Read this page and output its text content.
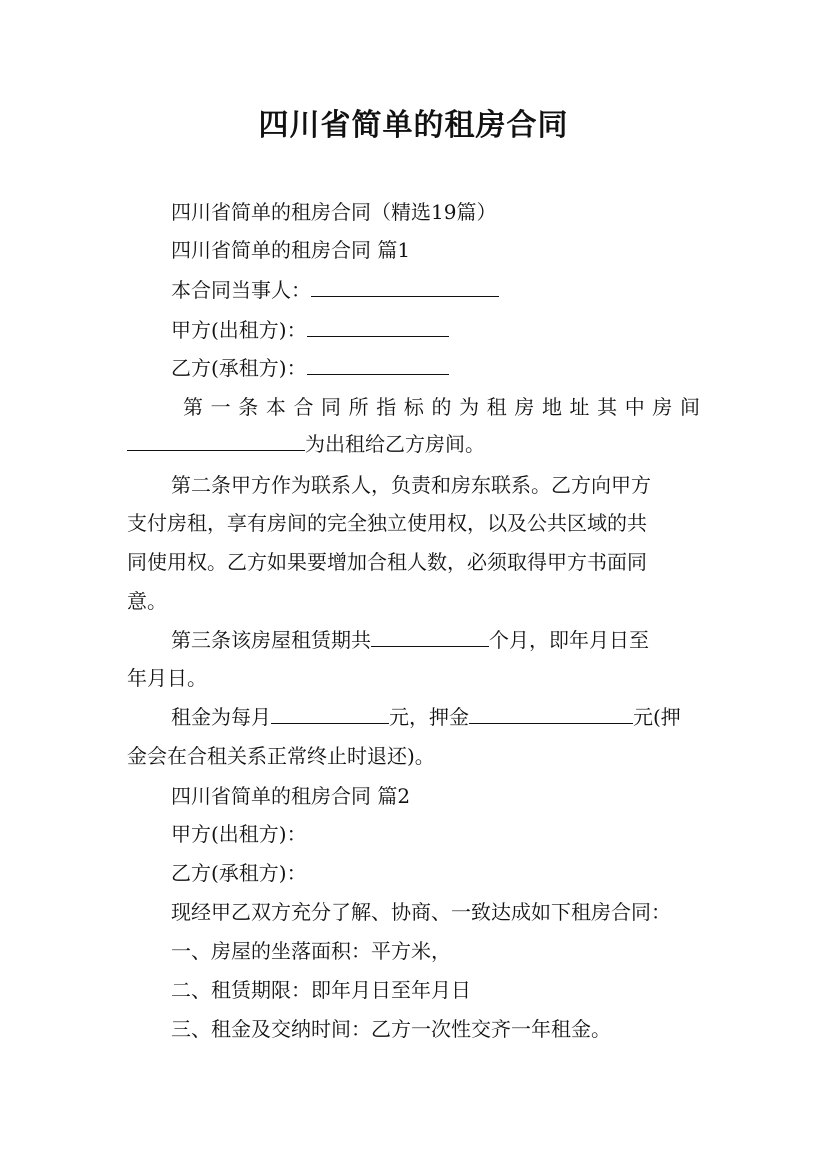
四川省简单的租房合同
四川省简单的租房合同（精选19篇）
四川省简单的租房合同 篇1
本合同当事人：
甲方(出租方)：
乙方(承租方)：
第一条本合同所指标的为租房地址其中房间
为出租给乙方房间。
第二条甲方作为联系人，负责和房东联系。乙方向甲方
支付房租，享有房间的完全独立使用权，以及公共区域的共
同使用权。乙方如果要增加合租人数，必须取得甲方书面同
意。
第三条该房屋租赁期共	个月，即年月日至
年月日。
租金为每月	元，押金	元(押
金会在合租关系正常终止时退还)。
四川省简单的租房合同 篇2
甲方(出租方)：
乙方(承租方)：
现经甲乙双方充分了解、协商、一致达成如下租房合同：
一、房屋的坐落面积：平方米，
二、租赁期限：即年月日至年月日
三、租金及交纳时间：乙方一次性交齐一年租金。
